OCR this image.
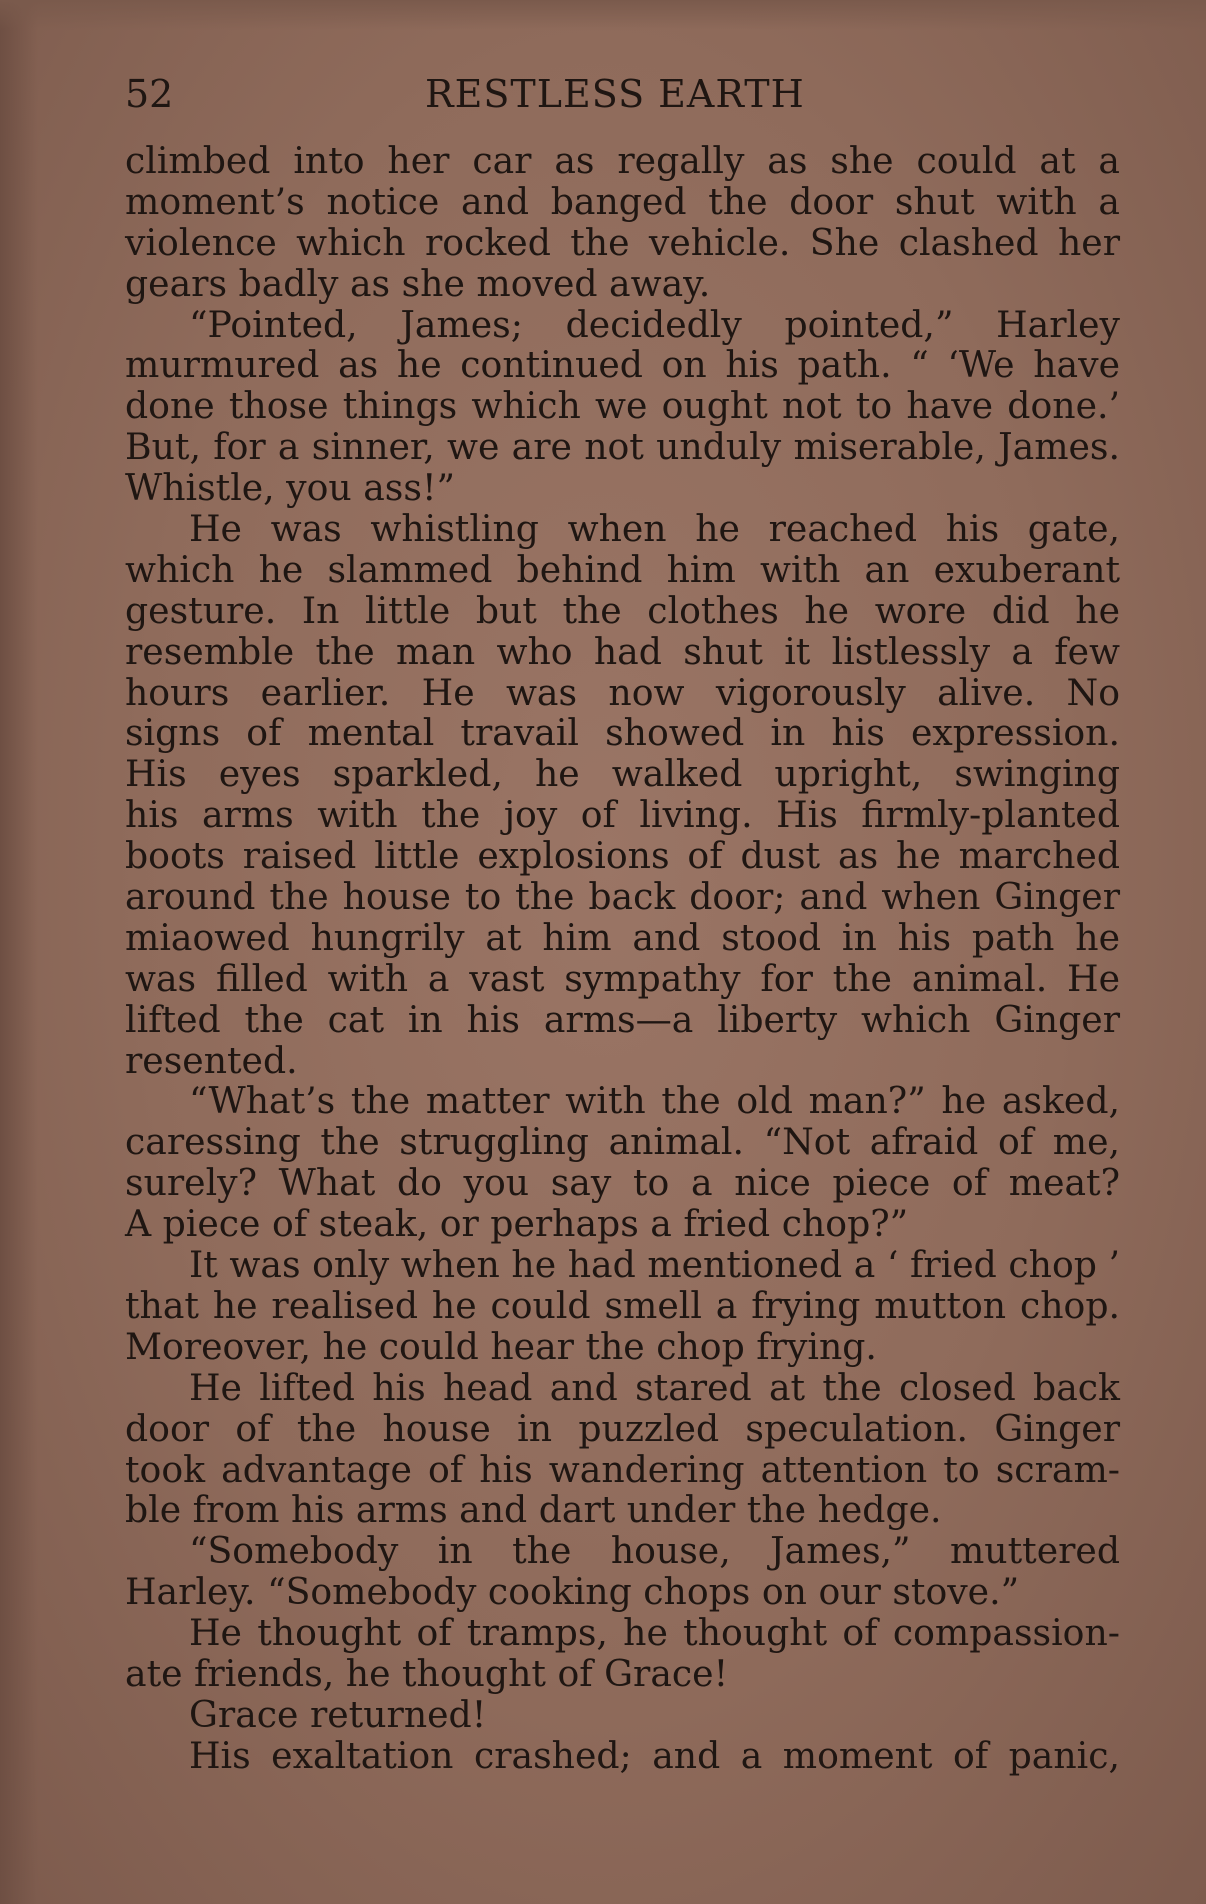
52	RESTLESS EARTH
climbed into her car as regally as she could at a
moment’s notice and banged the door shut with a
violence which rocked the vehicle. She clashed her
gears badly as she moved away.
“Pointed, James; decidedly pointed,” Harley
murmured as he continued on his path. “ ‘We have
done those things which we ought not to have done.’
But, for a sinner, we are not unduly miserable, James.
Whistle, you ass!”
He was whistling when he reached his gate,
which he slammed behind him with an exuberant
gesture. In little but the clothes he wore did he
resemble the man who had shut it listlessly a few
hours earlier. He was now vigorously alive. No
signs of mental travail showed in his expression.
His eyes sparkled, he walked upright, swinging
his arms with the joy of living. His firmly-planted
boots raised little explosions of dust as he marched
around the house to the back door; and when Ginger
miaowed hungrily at him and stood in his path he
was filled with a vast sympathy for the animal. He
lifted the cat in his arms—a liberty which Ginger
resented.
“What’s the matter with the old man?” he asked,
caressing the struggling animal. “Not afraid of me,
surely? What do you say to a nice piece of meat?
A piece of steak, or perhaps a fried chop?”
It was only when he had mentioned a ‘ fried chop ’
that he realised he could smell a frying mutton chop.
Moreover, he could hear the chop frying.
He lifted his head and stared at the closed back
door of the house in puzzled speculation. Ginger
took advantage of his wandering attention to scram-
ble from his arms and dart under the hedge.
“Somebody in the house, James,” muttered
Harley. “Somebody cooking chops on our stove.”
He thought of tramps, he thought of compassion-
ate friends, he thought of Grace!
Grace returned!
His exaltation crashed; and a moment of panic,
